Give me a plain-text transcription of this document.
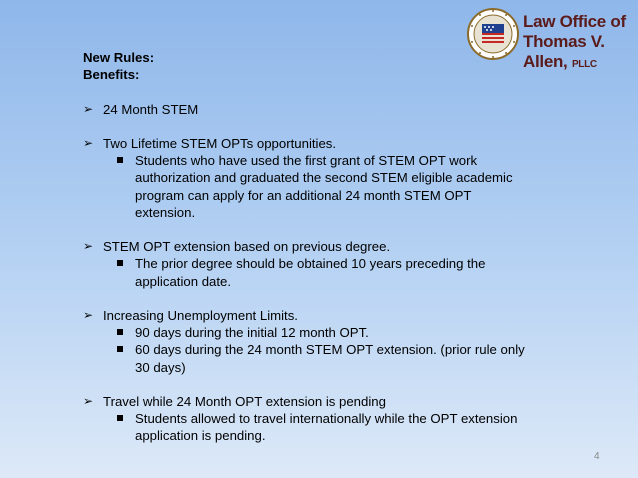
Law Office of
Thomas V. Allen, PLLC
New Rules:
Benefits:
➢ 24 Month STEM
➢ Two Lifetime STEM OPTs opportunities.
Students who have used the first grant of STEM OPT work
authorization and graduated the second STEM eligible academic
program can apply for an additional 24 month STEM OPT
extension.
➢ STEM OPT extension based on previous degree.
The prior degree should be obtained 10 years preceding the
application date.
➢ Increasing Unemployment Limits.
90 days during the initial 12 month OPT.
60 days during the 24 month STEM OPT extension. (prior rule only
30 days)
➢ Travel while 24 Month OPT extension is pending
Students allowed to travel internationally while the OPT extension
application is pending.
4
